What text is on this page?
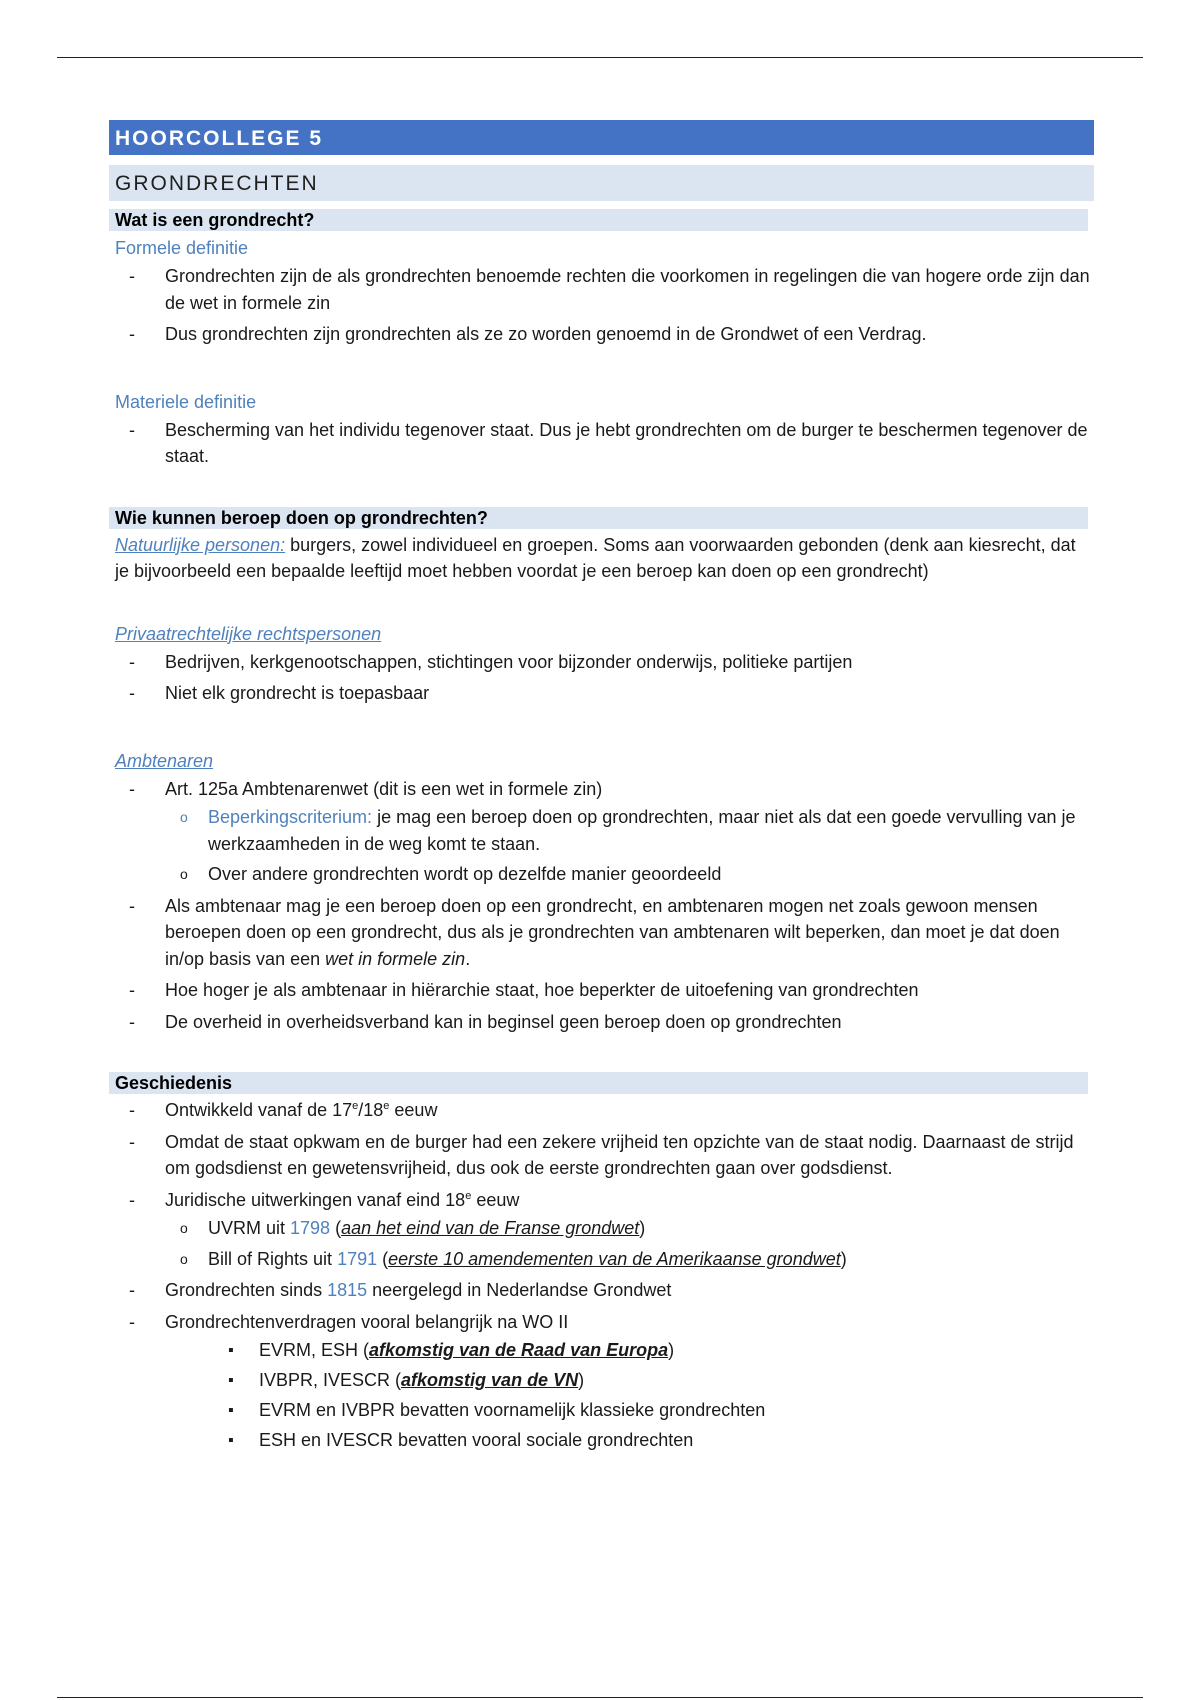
HOORCOLLEGE 5
GRONDRECHTEN
Wat is een grondrecht?
Formele definitie
- Grondrechten zijn de als grondrechten benoemde rechten die voorkomen in regelingen die van hogere orde zijn dan de wet in formele zin
- Dus grondrechten zijn grondrechten als ze zo worden genoemd in de Grondwet of een Verdrag.
Materiele definitie
- Bescherming van het individu tegenover staat. Dus je hebt grondrechten om de burger te beschermen tegenover de staat.
Wie kunnen beroep doen op grondrechten?
Natuurlijke personen: burgers, zowel individueel en groepen. Soms aan voorwaarden gebonden (denk aan kiesrecht, dat je bijvoorbeeld een bepaalde leeftijd moet hebben voordat je een beroep kan doen op een grondrecht)
Privaatrechtelijke rechtspersonen
- Bedrijven, kerkgenootschappen, stichtingen voor bijzonder onderwijs, politieke partijen
- Niet elk grondrecht is toepasbaar
Ambtenaren
- Art. 125a Ambtenarenwet (dit is een wet in formele zin)
o Beperkingscriterium: je mag een beroep doen op grondrechten, maar niet als dat een goede vervulling van je werkzaamheden in de weg komt te staan.
o Over andere grondrechten wordt op dezelfde manier geoordeeld
- Als ambtenaar mag je een beroep doen op een grondrecht, en ambtenaren mogen net zoals gewoon mensen beroepen doen op een grondrecht, dus als je grondrechten van ambtenaren wilt beperken, dan moet je dat doen in/op basis van een wet in formele zin.
- Hoe hoger je als ambtenaar in hiërarchie staat, hoe beperkter de uitoefening van grondrechten
- De overheid in overheidsverband kan in beginsel geen beroep doen op grondrechten
Geschiedenis
- Ontwikkeld vanaf de 17e/18e eeuw
- Omdat de staat opkwam en de burger had een zekere vrijheid ten opzichte van de staat nodig. Daarnaast de strijd om godsdienst en gewetensvrijheid, dus ook de eerste grondrechten gaan over godsdienst.
- Juridische uitwerkingen vanaf eind 18e eeuw
o UVRM uit 1798 (aan het eind van de Franse grondwet)
o Bill of Rights uit 1791 (eerste 10 amendementen van de Amerikaanse grondwet)
- Grondrechten sinds 1815 neergelegd in Nederlandse Grondwet
- Grondrechtenverdragen vooral belangrijk na WO II
▪ EVRM, ESH (afkomstig van de Raad van Europa)
▪ IVBPR, IVESCR (afkomstig van de VN)
▪ EVRM en IVBPR bevatten voornamelijk klassieke grondrechten
▪ ESH en IVESCR bevatten vooral sociale grondrechten
